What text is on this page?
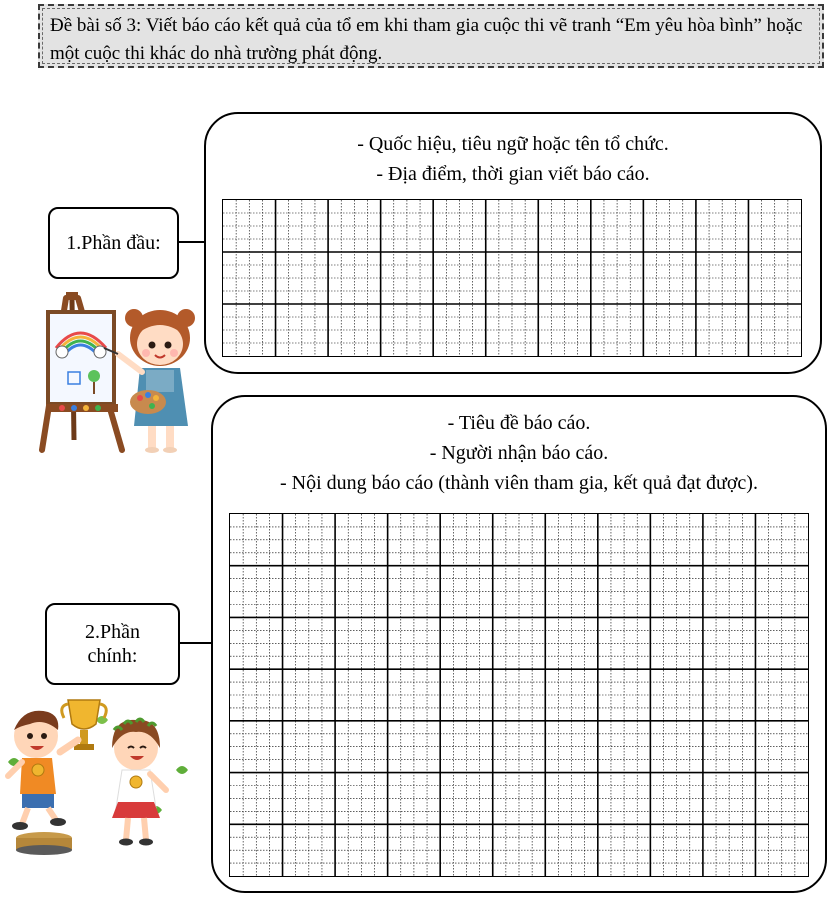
Đề bài số 3: Viết báo cáo kết quả của tổ em khi tham gia cuộc thi vẽ tranh “Em yêu hòa bình” hoặc một cuộc thi khác do nhà trường phát động.
- Quốc hiệu, tiêu ngữ hoặc tên tổ chức.
- Địa điểm, thời gian viết báo cáo.
1.Phần đầu:
- Tiêu đề báo cáo.
- Người nhận báo cáo.
- Nội dung báo cáo (thành viên tham gia, kết quả đạt được).
2.Phần chính:
